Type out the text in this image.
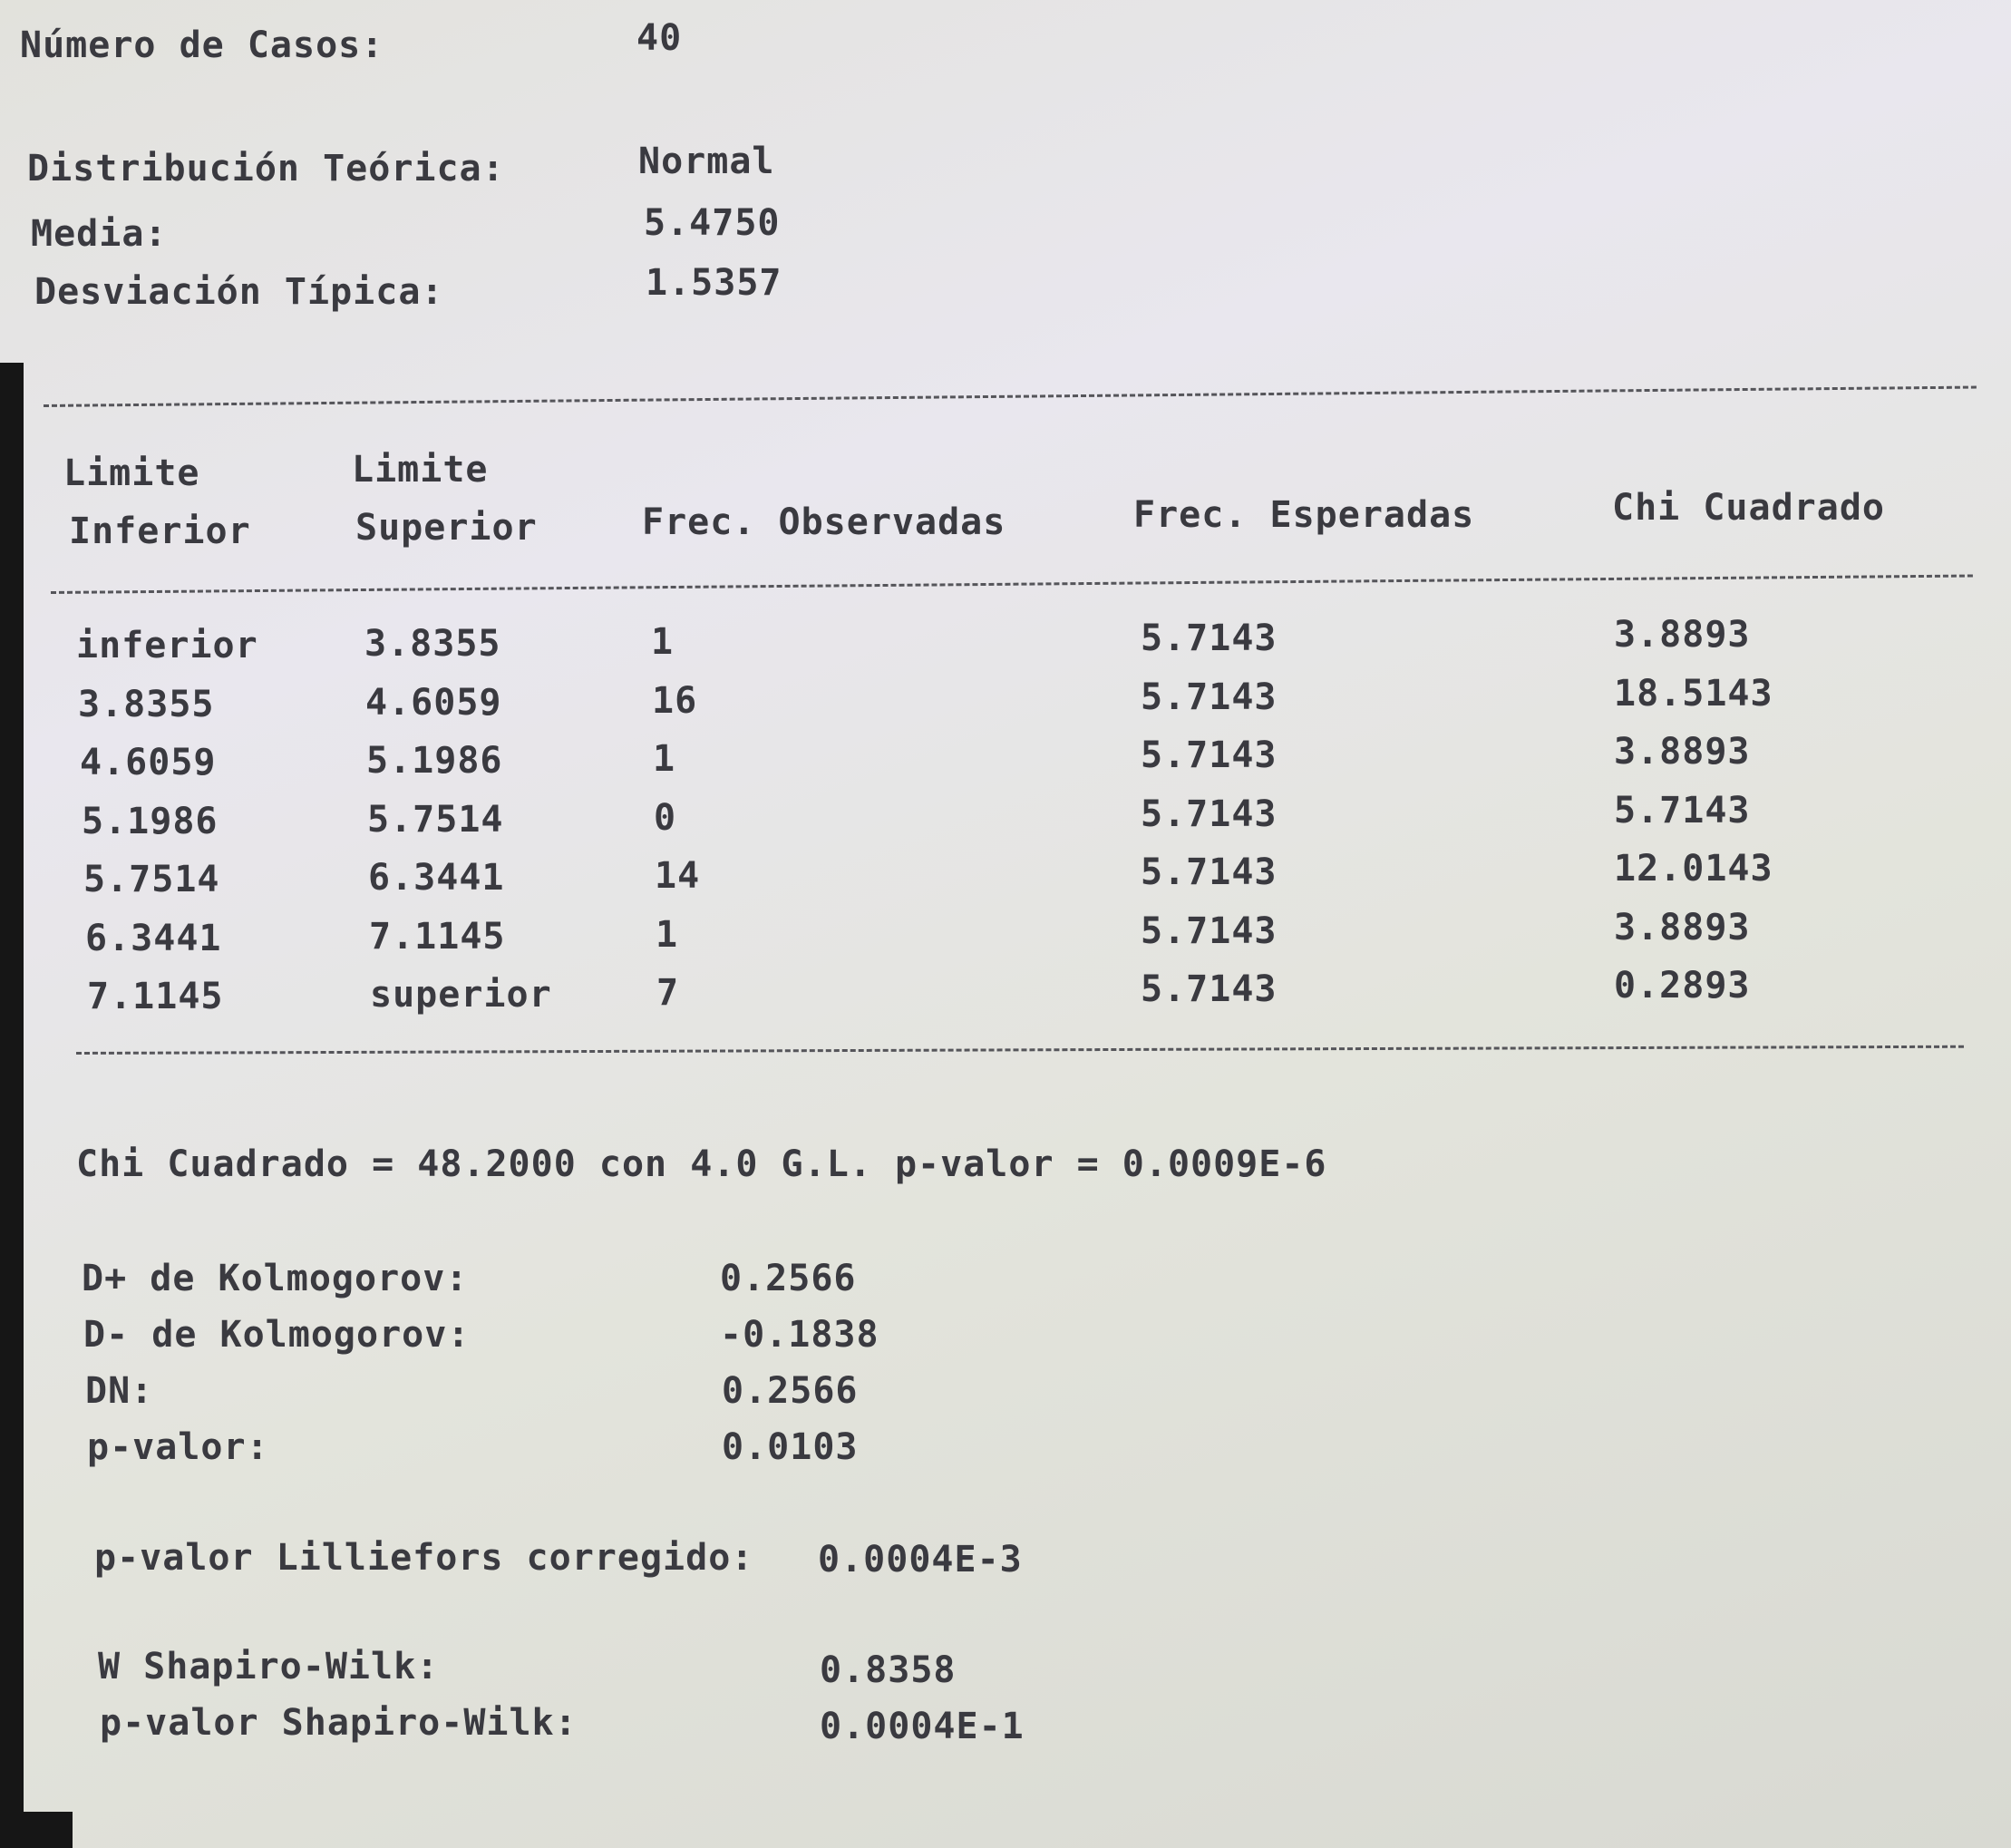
Número de Casos:	40
Distribución Teórica:	Normal
Media:	5.4750
Desviación Típica:	1.5357
Limite
Inferior
Limite
Superior	Frec. Observadas	Frec. Esperadas	Chi Cuadrado
inferior	3.8355	1	5.7143	3.8893
3.8355	4.6059	16	5.7143	18.5143
4.6059	5.1986	1	5.7143	3.8893
5.1986	5.7514	0	5.7143	5.7143
5.7514	6.3441	14	5.7143	12.0143
6.3441	7.1145	1	5.7143	3.8893
7.1145	superior	7	5.7143	0.2893
Chi Cuadrado = 48.2000 con 4.0 G.L. p-valor = 0.0009E-6
D+ de Kolmogorov:	0.2566
D- de Kolmogorov:	-0.1838
DN:	0.2566
p-valor:	0.0103
p-valor Lilliefors corregido: 0.0004E-3
W Shapiro-Wilk:	0.8358
p-valor Shapiro-Wilk:	0.0004E-1
